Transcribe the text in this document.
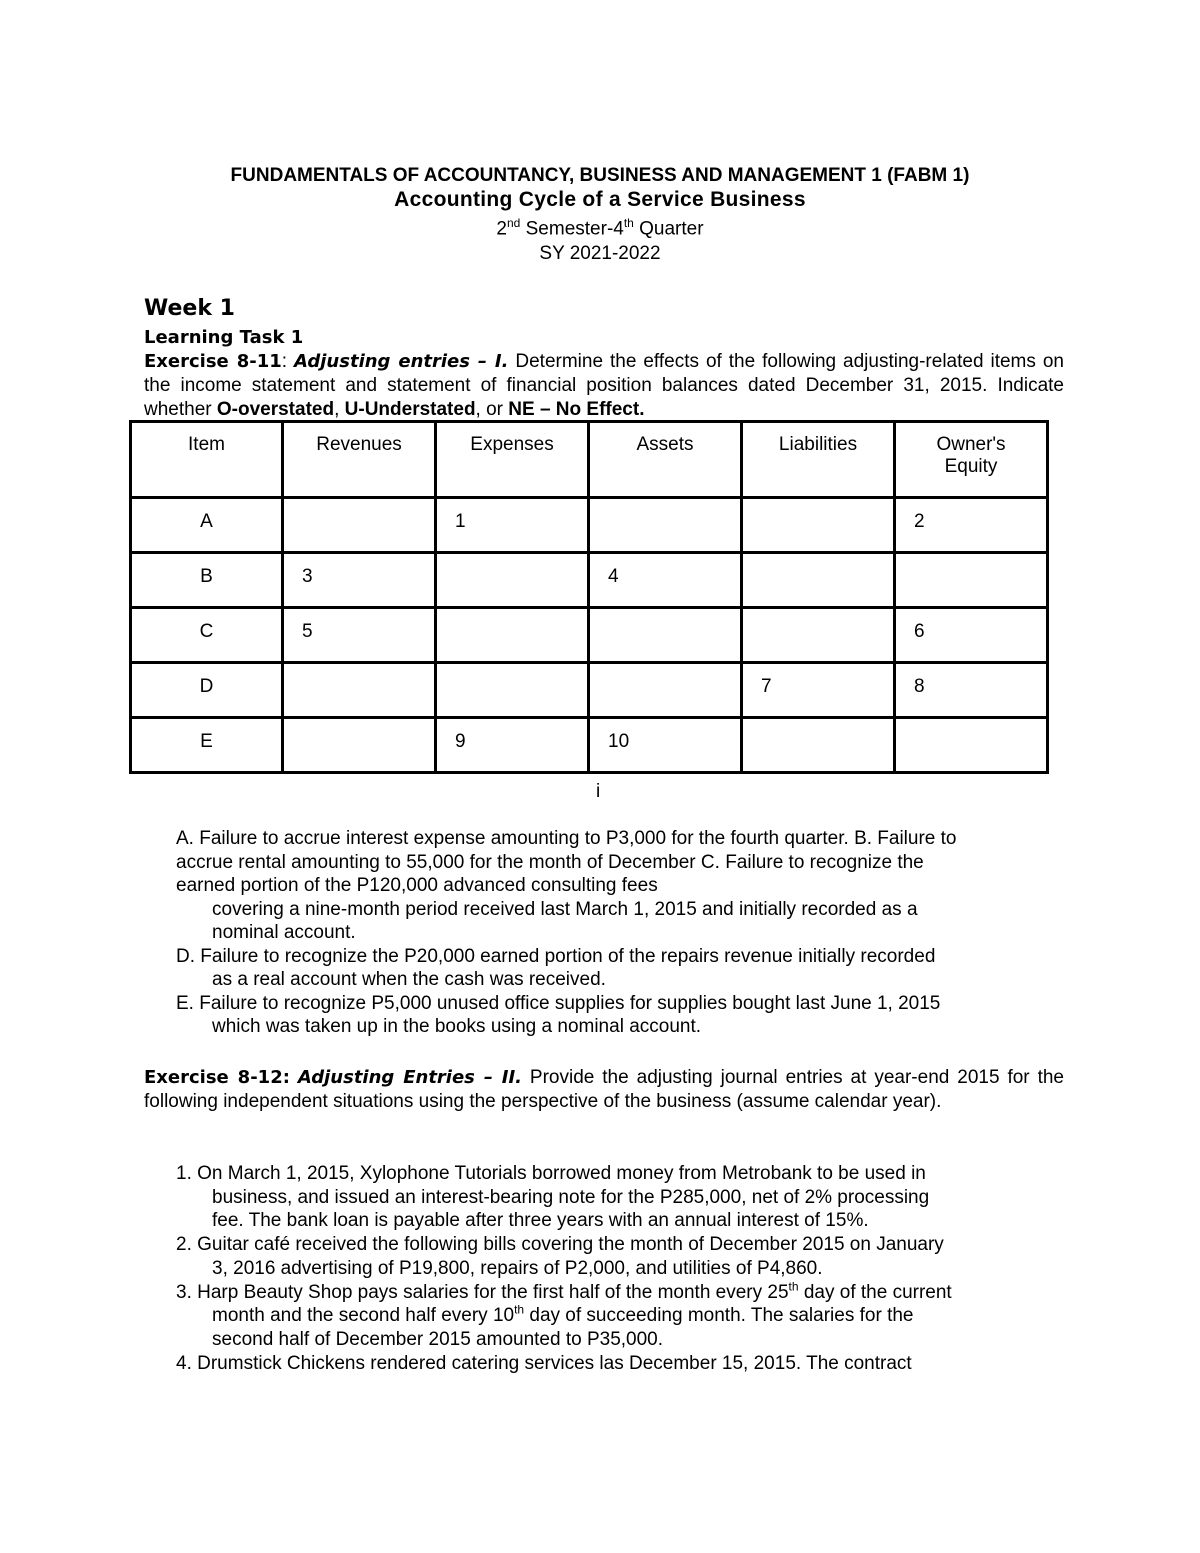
FUNDAMENTALS OF ACCOUNTANCY, BUSINESS AND MANAGEMENT 1 (FABM 1)
Accounting Cycle of a Service Business
2nd Semester-4th Quarter
SY 2021-2022
Week 1
Learning Task 1
Exercise 8-11: Adjusting entries – I. Determine the effects of the following adjusting-related items on the income statement and statement of financial position balances dated December 31, 2015. Indicate whether O-overstated, U-Understated, or NE – No Effect.
Item	Revenues	Expenses	Assets	Liabilities	Owner's
Equity
A		1			2
B	3		4		
C	5				6
D				7	8
E		9	10		
i
A. Failure to accrue interest expense amounting to P3,000 for the fourth quarter. B. Failure to
accrue rental amounting to 55,000 for the month of December C. Failure to recognize the
earned portion of the P120,000 advanced consulting fees
covering a nine-month period received last March 1, 2015 and initially recorded as a
nominal account.
D. Failure to recognize the P20,000 earned portion of the repairs revenue initially recorded
as a real account when the cash was received.
E. Failure to recognize P5,000 unused office supplies for supplies bought last June 1, 2015
which was taken up in the books using a nominal account.
Exercise 8-12: Adjusting Entries – II. Provide the adjusting journal entries at year-end 2015 for the following independent situations using the perspective of the business (assume calendar year).
1. On March 1, 2015, Xylophone Tutorials borrowed money from Metrobank to be used in
business, and issued an interest-bearing note for the P285,000, net of 2% processing
fee. The bank loan is payable after three years with an annual interest of 15%.
2. Guitar café received the following bills covering the month of December 2015 on January
3, 2016 advertising of P19,800, repairs of P2,000, and utilities of P4,860.
3. Harp Beauty Shop pays salaries for the first half of the month every 25th day of the current
month and the second half every 10th day of succeeding month. The salaries for the
second half of December 2015 amounted to P35,000.
4. Drumstick Chickens rendered catering services las December 15, 2015. The contract
